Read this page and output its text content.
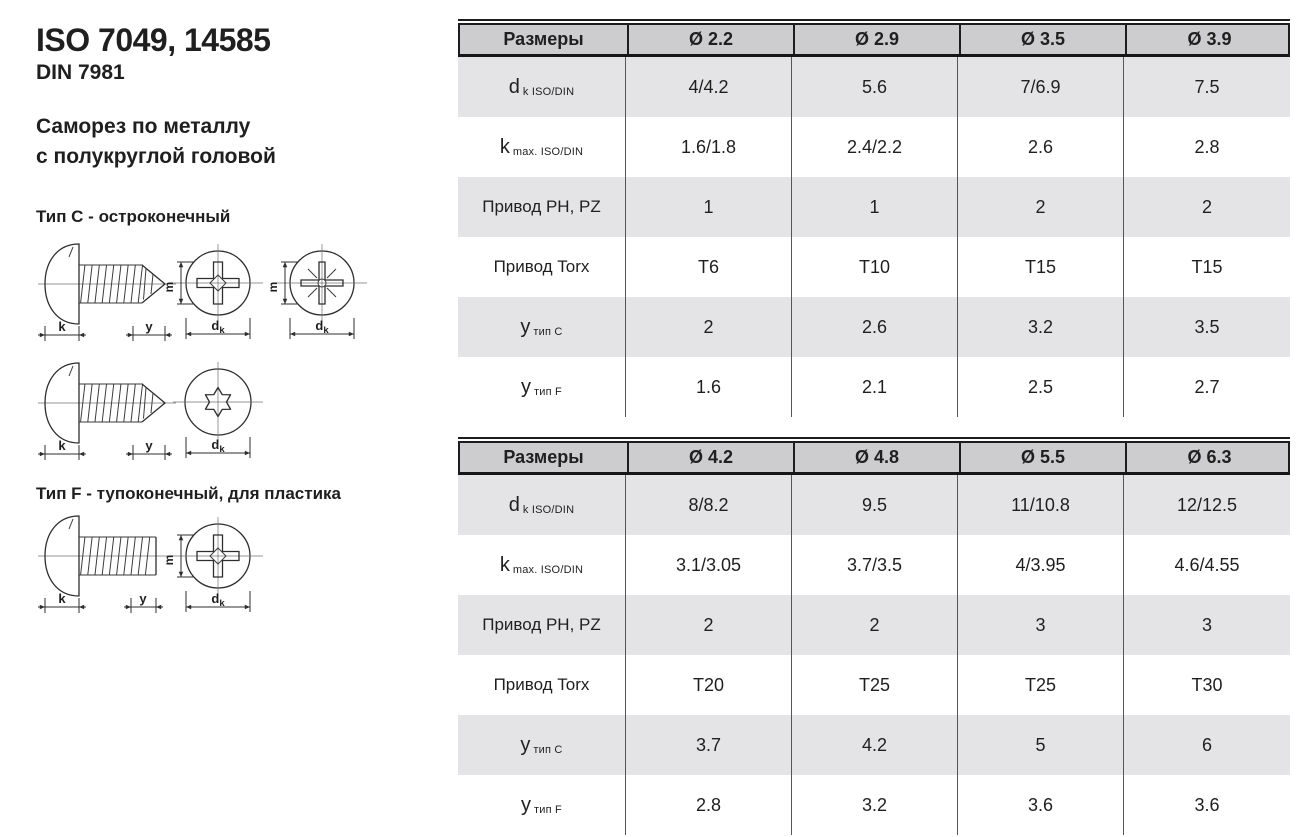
ISO 7049, 14585
DIN 7981
Саморез по металлу
с полукруглой головой
Тип C - остроконечный
Тип F - тупоконечный, для пластика
k	y
m
$d_k$
m
$d_k$
k	y	$d_k$
k	y
m
$d_k$
Размеры	Ø 2.2	Ø 2.9	Ø 3.5	Ø 3.9
d k ISO/DIN	4/4.2	5.6	7/6.9	7.5
k max. ISO/DIN	1.6/1.8	2.4/2.2	2.6	2.8
Привод PH, PZ	1	1	2	2
Привод Torx	T6	T10	T15	T15
у тип C	2	2.6	3.2	3.5
у тип F	1.6	2.1	2.5	2.7
Размеры	Ø 4.2	Ø 4.8	Ø 5.5	Ø 6.3
d k ISO/DIN	8/8.2	9.5	11/10.8	12/12.5
k max. ISO/DIN	3.1/3.05	3.7/3.5	4/3.95	4.6/4.55
Привод PH, PZ	2	2	3	3
Привод Torx	T20	T25	T25	T30
у тип C	3.7	4.2	5	6
у тип F	2.8	3.2	3.6	3.6
